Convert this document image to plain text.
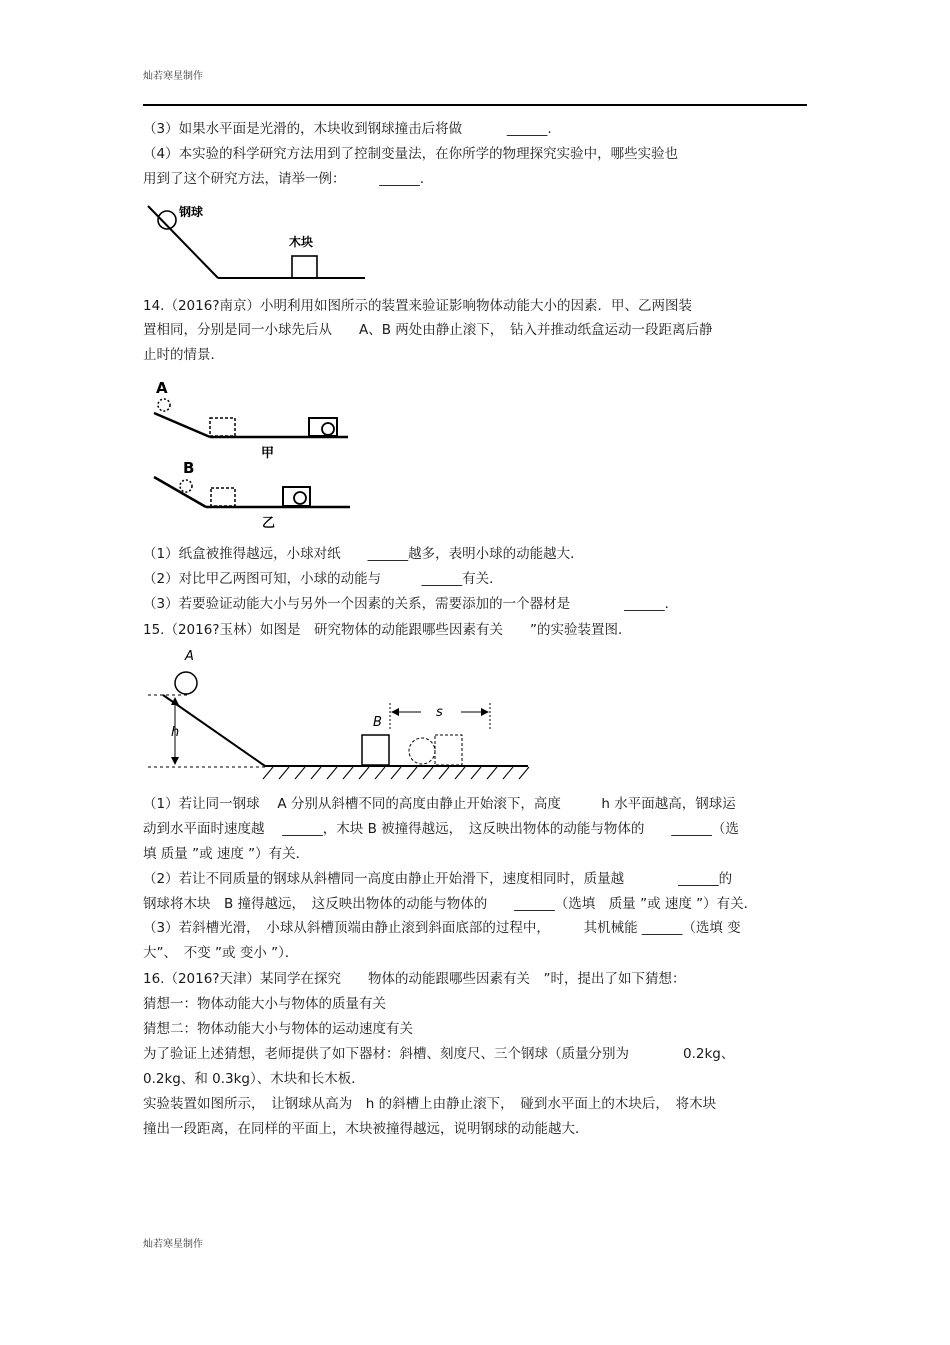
灿若寒星制作
（3）如果水平面是光滑的，木块收到钢球撞击后将做　　　 ______.
（4）本实验的科学研究方法用到了控制变量法，在你所学的物理探究实验中，哪些实验也
用到了这个研究方法，请举一例：　　　______.
钢球
木块
14.（2016?南京）小明利用如图所示的装置来验证影响物体动能大小的因素．甲、乙两图装
置相同，分别是同一小球先后从　　A、B 两处由静止滚下，　钻入并推动纸盒运动一段距离后静
止时的情景．
A
甲
B
乙
（1）纸盒被推得越远，小球对纸　　______越多，表明小球的动能越大．
（2）对比甲乙两图可知，小球的动能与　　　______有关．
（3）若要验证动能大小与另外一个因素的关系，需要添加的一个器材是　　　　______．
15.（2016?玉林）如图是　研究物体的动能跟哪些因素有关　　”的实验装置图．
A
h
B
s
（1）若让同一钢球　 A 分别从斜槽不同的高度由静止开始滚下，高度　　　h 水平面越高，钢球运
动到水平面时速度越　 ______，木块 B 被撞得越远，　这反映出物体的动能与物体的　　______（选
填 质量 ”或 速度 ”）有关．
（2）若让不同质量的钢球从斜槽同一高度由静止开始滑下，速度相同时，质量越　　　　______的
钢球将木块　B 撞得越远，　这反映出物体的动能与物体的　　______（选填　质量 ”或 速度 ”）有关．
（3）若斜槽光滑，　小球从斜槽顶端由静止滚到斜面底部的过程中，　　　其机械能 ______（选填 变
大”、　不变 ”或 变小 ”）．
16.（2016?天津）某同学在探究　　物体的动能跟哪些因素有关　”时，提出了如下猜想：
猜想一：物体动能大小与物体的质量有关
猜想二：物体动能大小与物体的运动速度有关
为了验证上述猜想，老师提供了如下器材：斜槽、刻度尺、三个钢球（质量分别为　　　　0.2kg、
0.2kg、和 0.3kg）、木块和长木板．
实验装置如图所示，　让钢球从高为　h 的斜槽上由静止滚下，　碰到水平面上的木块后，　将木块
撞出一段距离，在同样的平面上，木块被撞得越远，说明钢球的动能越大．
灿若寒星制作
